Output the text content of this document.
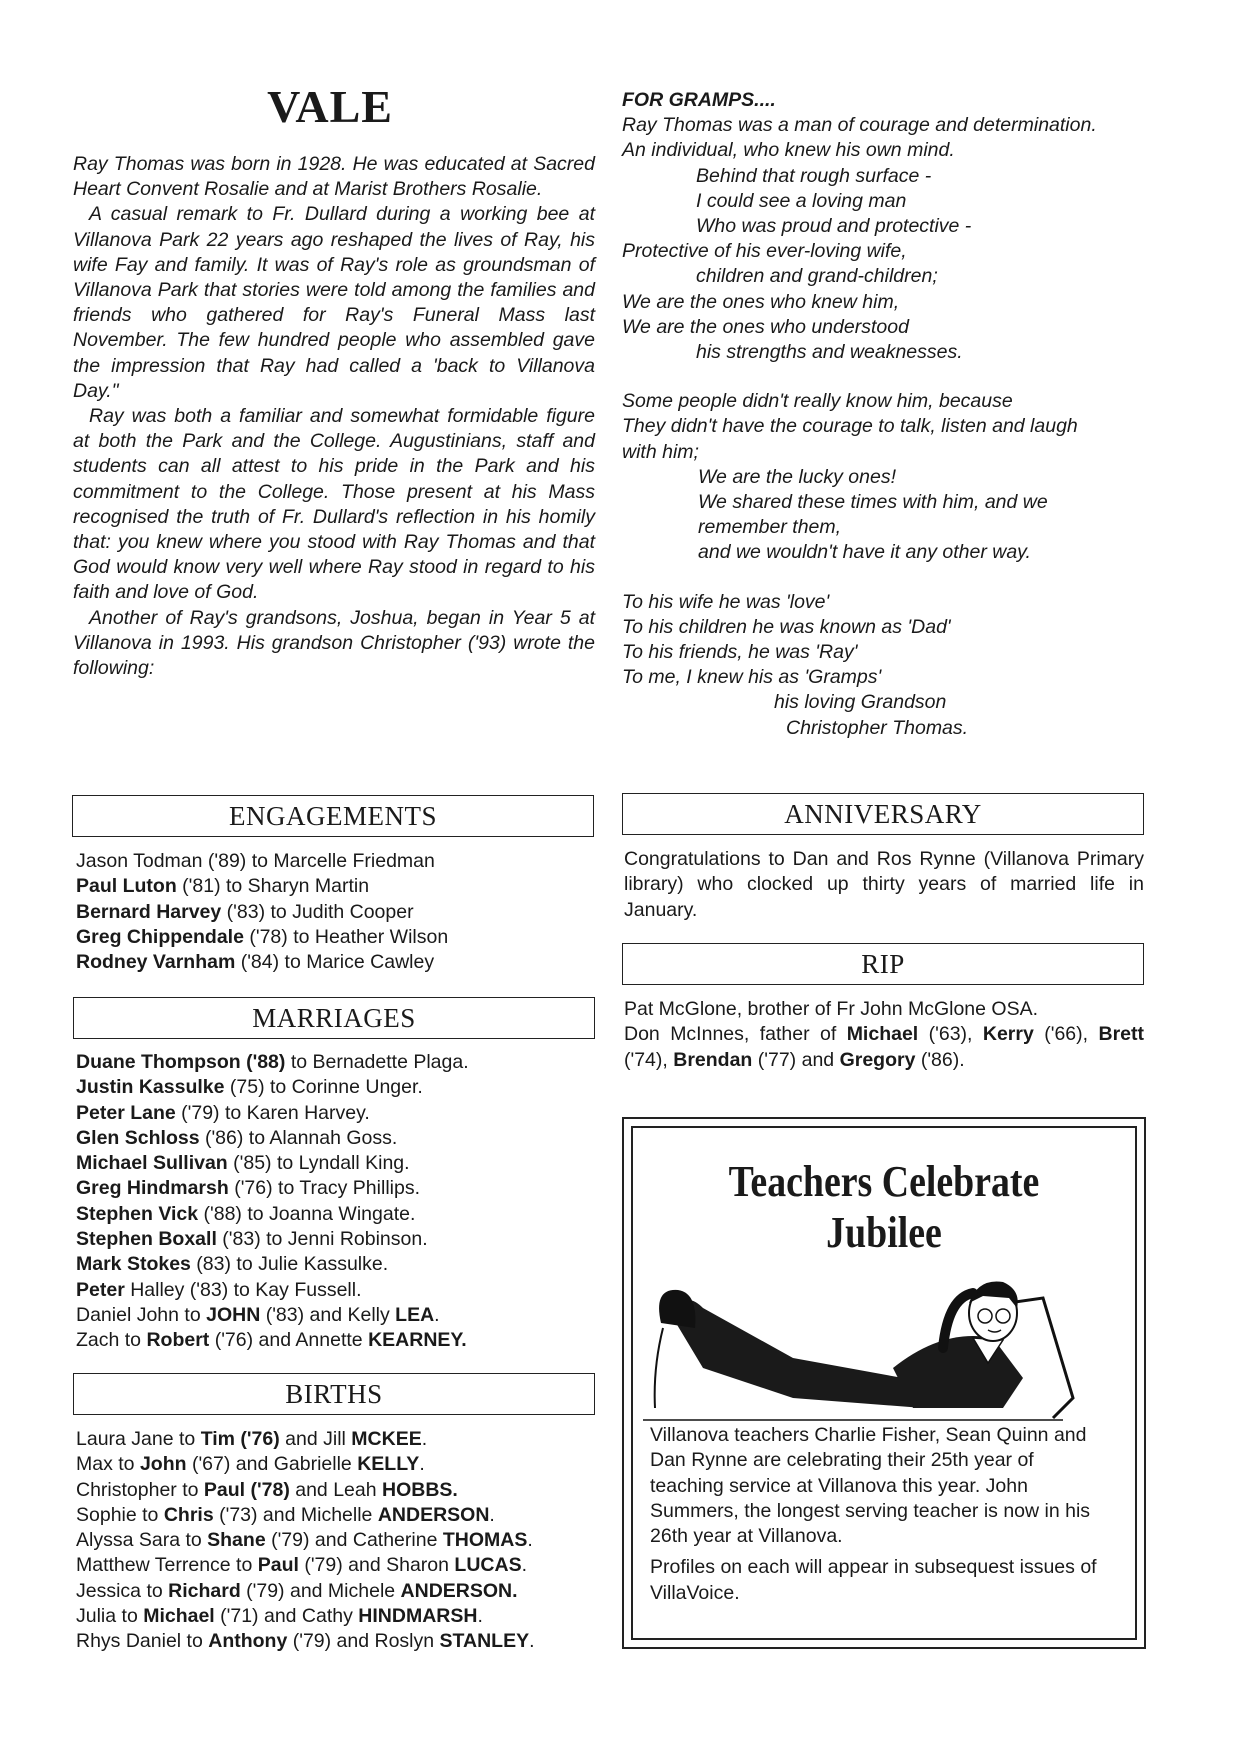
VALE

Ray Thomas was born in 1928. He was educated at Sacred Heart Convent Rosalie and at Marist Brothers Rosalie.

A casual remark to Fr. Dullard during a working bee at Villanova Park 22 years ago reshaped the lives of Ray, his wife Fay and family. It was of Ray's role as groundsman of Villanova Park that stories were told among the families and friends who gathered for Ray's Funeral Mass last November. The few hundred people who assembled gave the impression that Ray had called a 'back to Villanova Day."

Ray was both a familiar and somewhat formidable figure at both the Park and the College. Augustinians, staff and students can all attest to his pride in the Park and his commitment to the College. Those present at his Mass recognised the truth of Fr. Dullard's reflection in his homily that: you knew where you stood with Ray Thomas and that God would know very well where Ray stood in regard to his faith and love of God.

Another of Ray's grandsons, Joshua, began in Year 5 at Villanova in 1993. His grandson Christopher ('93) wrote the following:

FOR GRAMPS....
Ray Thomas was a man of courage and determination.
An individual, who knew his own mind.
Behind that rough surface -
I could see a loving man
Who was proud and protective -
Protective of his ever-loving wife,
children and grand-children;
We are the ones who knew him,
We are the ones who understood
his strengths and weaknesses.
Some people didn't really know him, because
They didn't have the courage to talk, listen and laugh
with him;
We are the lucky ones!
We shared these times with him, and we
remember them,
and we wouldn't have it any other way.
To his wife he was 'love'
To his children he was known as 'Dad'
To his friends, he was 'Ray'
To me, I knew his as 'Gramps'
his loving Grandson
Christopher Thomas.
ENGAGEMENTS
Jason Todman ('89) to Marcelle Friedman
Paul Luton ('81) to Sharyn Martin
Bernard Harvey ('83) to Judith Cooper
Greg Chippendale ('78) to Heather Wilson
Rodney Varnham ('84) to Marice Cawley
MARRIAGES
Duane Thompson ('88) to Bernadette Plaga.
Justin Kassulke (75) to Corinne Unger.
Peter Lane ('79) to Karen Harvey.
Glen Schloss ('86) to Alannah Goss.
Michael Sullivan ('85) to Lyndall King.
Greg Hindmarsh ('76) to Tracy Phillips.
Stephen Vick ('88) to Joanna Wingate.
Stephen Boxall ('83) to Jenni Robinson.
Mark Stokes (83) to Julie Kassulke.
Peter Halley ('83) to Kay Fussell.
Daniel John to JOHN ('83) and Kelly LEA.
Zach to Robert ('76) and Annette KEARNEY.
BIRTHS
Laura Jane to Tim ('76) and Jill MCKEE.
Max to John ('67) and Gabrielle KELLY.
Christopher to Paul ('78) and Leah HOBBS.
Sophie to Chris ('73) and Michelle ANDERSON.
Alyssa Sara to Shane ('79) and Catherine THOMAS.
Matthew Terrence to Paul ('79) and Sharon LUCAS.
Jessica to Richard ('79) and Michele ANDERSON.
Julia to Michael ('71) and Cathy HINDMARSH.
Rhys Daniel to Anthony ('79) and Roslyn STANLEY.
ANNIVERSARY
Congratulations to Dan and Ros Rynne (Villanova Primary library) who clocked up thirty years of married life in January.
RIP
Pat McGlone, brother of Fr John McGlone OSA.
Don McInnes, father of Michael ('63), Kerry ('66), Brett ('74), Brendan ('77) and Gregory ('86).
Teachers Celebrate Jubilee

Villanova teachers Charlie Fisher, Sean Quinn and Dan Rynne are celebrating their 25th year of teaching service at Villanova this year. John Summers, the longest serving teacher is now in his 26th year at Villanova.

Profiles on each will appear in subsequest issues of VillaVoice.
